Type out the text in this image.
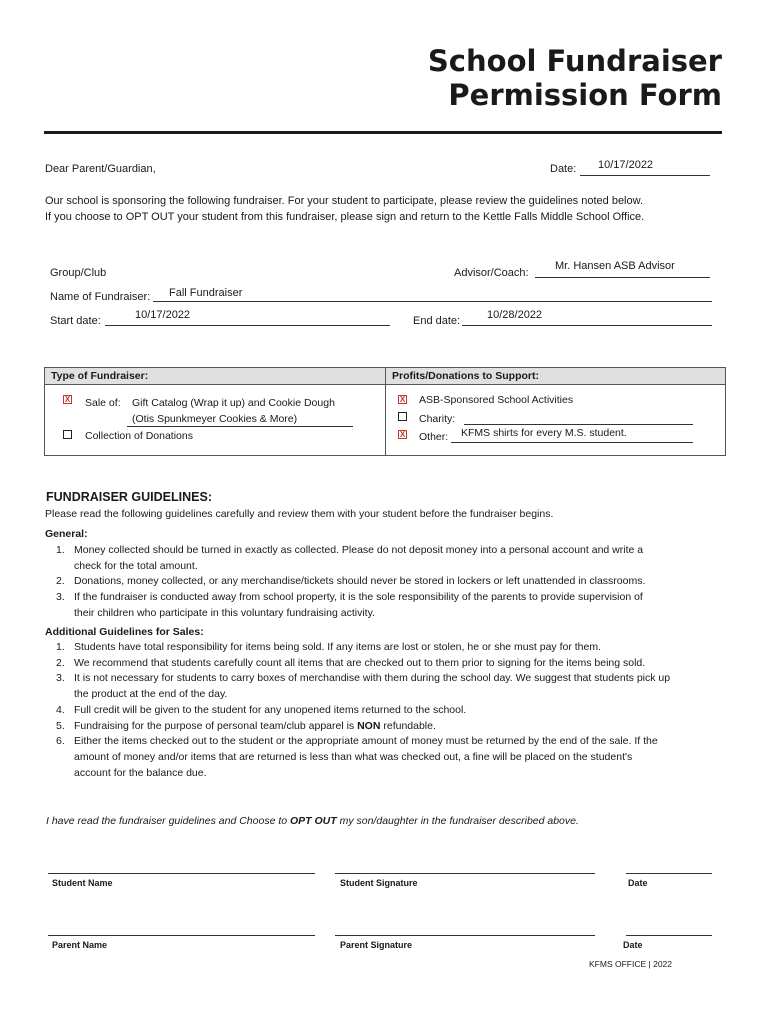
School Fundraiser
Permission Form
Dear Parent/Guardian,	Date: 10/17/2022
Our school is sponsoring the following fundraiser. For your student to participate, please review the guidelines noted below.
If you choose to OPT OUT your student from this fundraiser, please sign and return to the Kettle Falls Middle School Office.
Group/Club	Advisor/Coach:
Mr. Hansen ASB Advisor
Name of Fundraiser: Fall Fundraiser
Start date:	10/17/2022	End date: 10/28/2022
Type of Fundraiser:	Profits/Donations to Support:
X Sale of: Gift Catalog (Wrap it up) and Cookie Dough
(Otis Spunkmeyer Cookies & More)
Collection of Donations
X ASB-Sponsored School Activities
Charity:
X Other: KFMS shirts for every M.S. student.
FUNDRAISER GUIDELINES:
Please read the following guidelines carefully and review them with your student before the fundraiser begins.
General:
1. Money collected should be turned in exactly as collected. Please do not deposit money into a personal account and write a
check for the total amount.
2. Donations, money collected, or any merchandise/tickets should never be stored in lockers or left unattended in classrooms.
3. If the fundraiser is conducted away from school property, it is the sole responsibility of the parents to provide supervision of
their children who participate in this voluntary fundraising activity.
Additional Guidelines for Sales:
1. Students have total responsibility for items being sold. If any items are lost or stolen, he or she must pay for them.
2. We recommend that students carefully count all items that are checked out to them prior to signing for the items being sold.
3. It is not necessary for students to carry boxes of merchandise with them during the school day. We suggest that students pick up
the product at the end of the day.
4. Full credit will be given to the student for any unopened items returned to the school.
5. Fundraising for the purpose of personal team/club apparel is NON refundable.
6. Either the items checked out to the student or the appropriate amount of money must be returned by the end of the sale. If the
amount of money and/or items that are returned is less than what was checked out, a fine will be placed on the student's
account for the balance due.
I have read the fundraiser guidelines and Choose to OPT OUT my son/daughter in the fundraiser described above.
Student Name	Student Signature	Date
Parent Name	Parent Signature	Date
KFMS OFFICE | 2022
